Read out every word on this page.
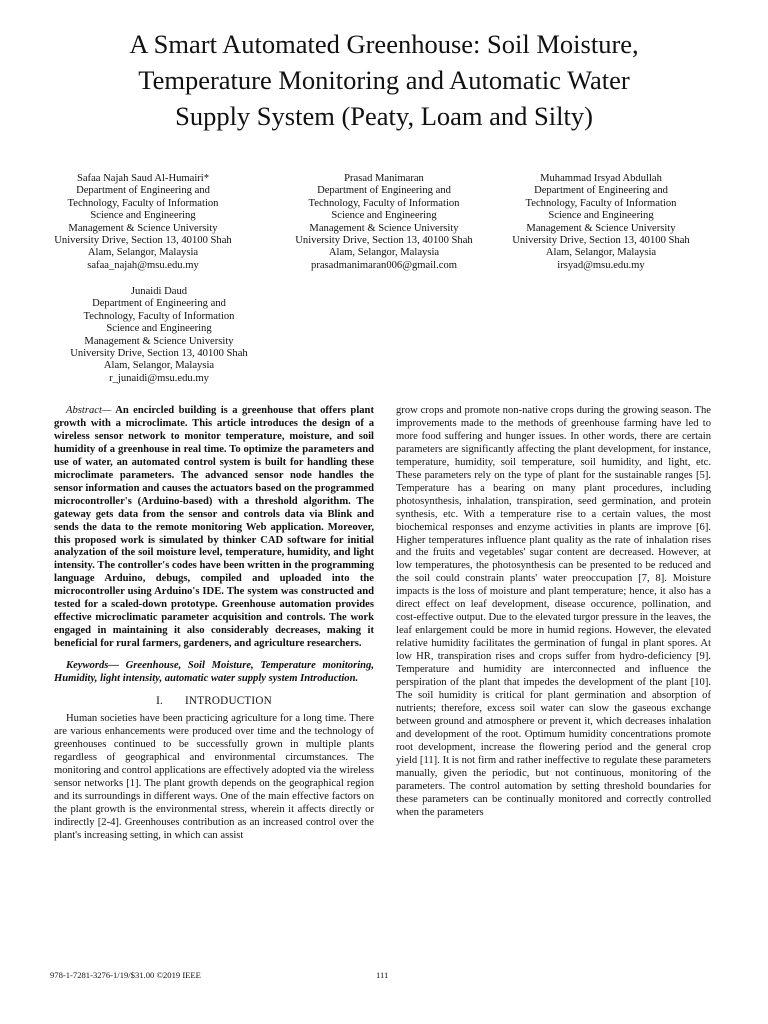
A Smart Automated Greenhouse: Soil Moisture,
Temperature Monitoring and Automatic Water
Supply System (Peaty, Loam and Silty)
Safaa Najah Saud Al-Humairi*
Department of Engineering and
Technology, Faculty of Information
Science and Engineering
Management & Science University
University Drive, Section 13, 40100 Shah
Alam, Selangor, Malaysia
safaa_najah@msu.edu.my
Prasad Manimaran
Department of Engineering and
Technology, Faculty of Information
Science and Engineering
Management & Science University
University Drive, Section 13, 40100 Shah
Alam, Selangor, Malaysia
prasadmanimaran006@gmail.com
Muhammad Irsyad Abdullah
Department of Engineering and
Technology, Faculty of Information
Science and Engineering
Management & Science University
University Drive, Section 13, 40100 Shah
Alam, Selangor, Malaysia
irsyad@msu.edu.my
Junaidi Daud
Department of Engineering and
Technology, Faculty of Information
Science and Engineering
Management & Science University
University Drive, Section 13, 40100 Shah
Alam, Selangor, Malaysia
r_junaidi@msu.edu.my

Abstract— An encircled building is a greenhouse that offers plant growth with a microclimate. This article introduces the design of a wireless sensor network to monitor temperature, moisture, and soil humidity of a greenhouse in real time. To optimize the parameters and use of water, an automated control system is built for handling these microclimate parameters. The advanced sensor node handles the sensor information and causes the actuators based on the programmed microcontroller's (Arduino-based) with a threshold algorithm. The gateway gets data from the sensor and controls data via Blink and sends the data to the remote monitoring Web application. Moreover, this proposed work is simulated by thinker CAD software for initial analyzation of the soil moisture level, temperature, humidity, and light intensity. The controller's codes have been written in the programming language Arduino, debugs, compiled and uploaded into the microcontroller using Arduino's IDE. The system was constructed and tested for a scaled-down prototype. Greenhouse automation provides effective microclimatic parameter acquisition and controls. The work engaged in maintaining it also considerably decreases, making it beneficial for rural farmers, gardeners, and agriculture researchers.

Keywords— Greenhouse, Soil Moisture, Temperature monitoring, Humidity, light intensity, automatic water supply system Introduction.

I. INTRODUCTION

Human societies have been practicing agriculture for a long time. There are various enhancements were produced over time and the technology of greenhouses continued to be successfully grown in multiple plants regardless of geographical and environmental circumstances. The monitoring and control applications are effectively adopted via the wireless sensor networks [1]. The plant growth depends on the geographical region and its surroundings in different ways. One of the main effective factors on the plant growth is the environmental stress, wherein it affects directly or indirectly [2-4]. Greenhouses contribution as an increased control over the plant's increasing setting, in which can assist

grow crops and promote non-native crops during the growing season. The improvements made to the methods of greenhouse farming have led to more food suffering and hunger issues. In other words, there are certain parameters are significantly affecting the plant development, for instance, temperature, humidity, soil temperature, soil humidity, and light, etc. These parameters rely on the type of plant for the sustainable ranges [5]. Temperature has a bearing on many plant procedures, including photosynthesis, inhalation, transpiration, seed germination, and protein synthesis, etc. With a temperature rise to a certain values, the most biochemical responses and enzyme activities in plants are improve [6]. Higher temperatures influence plant quality as the rate of inhalation rises and the fruits and vegetables' sugar content are decreased. However, at low temperatures, the photosynthesis can be presented to be reduced and the soil could constrain plants' water preoccupation [7, 8]. Moisture impacts is the loss of moisture and plant temperature; hence, it also has a direct effect on leaf development, disease occurence, pollination, and cost-effective output. Due to the elevated turgor pressure in the leaves, the leaf enlargement could be more in humid regions. However, the elevated relative humidity facilitates the germination of fungal in plant spores. At low HR, transpiration rises and crops suffer from hydro-deficiency [9]. Temperature and humidity are interconnected and influence the perspiration of the plant that impedes the development of the plant [10]. The soil humidity is critical for plant germination and absorption of nutrients; therefore, excess soil water can slow the gaseous exchange between ground and atmosphere or prevent it, which decreases inhalation and development of the root. Optimum humidity concentrations promote root development, increase the flowering period and the general crop yield [11]. It is not firm and rather ineffective to regulate these parameters manually, given the periodic, but not continuous, monitoring of the parameters. The control automation by setting threshold boundaries for these parameters can be continually monitored and correctly controlled when the parameters

978-1-7281-3276-1/19/$31.00 ©2019 IEEE	111
